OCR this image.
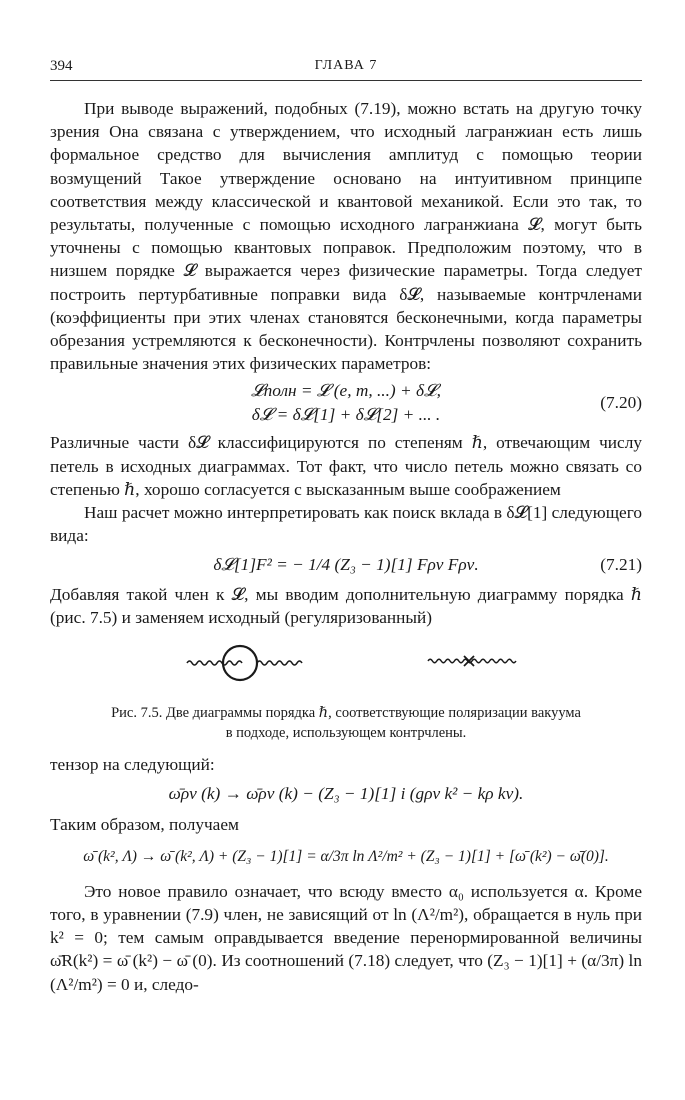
394	ГЛАВА 7

При выводе выражений, подобных (7.19), можно встать на другую точку зрения Она связана с утверждением, что исходный лагранжиан есть лишь формальное средство для вычисления амплитуд с помощью теории возмущений Такое утверждение основано на интуитивном принципе соответствия между классической и квантовой механикой. Если это так, то результаты, полученные с помощью исходного лагранжиана 𝓛, могут быть уточнены с помощью квантовых поправок. Предположим поэтому, что в низшем порядке 𝓛 выражается через физические параметры. Тогда следует построить пертурбативные поправки вида δ𝓛, называемые контрчленами (коэффициенты при этих членах становятся бесконечными, когда параметры обрезания устремляются к бесконечности). Контрчлены позволяют сохранить правильные значения этих физических параметров:

𝓛полн = 𝓛 (e, m, ...) + δ𝓛,
δ𝓛 = δ𝓛[1] + δ𝓛[2] + ... .
(7.20)

Различные части δ𝓛 классифицируются по степеням ℏ, отвечающим числу петель в исходных диаграммах. Тот факт, что число петель можно связать со степенью ℏ, хорошо согласуется с высказанным выше соображением

Наш расчет можно интерпретировать как поиск вклада в δ𝓛[1] следующего вида:

δ𝓛[1]F² = − 1/4 (Z₃ − 1)[1] Fρν Fρν.	(7.21)

Добавляя такой член к 𝓛, мы вводим дополнительную диаграмму порядка ℏ (рис. 7.5) и заменяем исходный (регуляризованный)

Рис. 7.5. Две диаграммы порядка ℏ, соответствующие поляризации вакуума
в подходе, использующем контрчлены.

тензор на следующий:

ω̄ρν (k) → ω̄ρν (k) − (Z₃ − 1)[1] i (gρν k² − kρ kν).

Таким образом, получаем

ω̄ (k², Λ) → ω̄ (k², Λ) + (Z₃ − 1)[1] = α/3π ln Λ²/m² + (Z₃ − 1)[1] + [ω̄ (k²) − ω̄(0)].

Это новое правило означает, что всюду вместо α₀ используется α. Кроме того, в уравнении (7.9) член, не зависящий от ln (Λ²/m²), обращается в нуль при k² = 0; тем самым оправдывается введение перенормированной величины ω̄R(k²) = ω̄ (k²) − ω̄ (0). Из соотношений (7.18) следует, что (Z₃ − 1)[1] + (α/3π) ln (Λ²/m²) = 0 и, следо-
